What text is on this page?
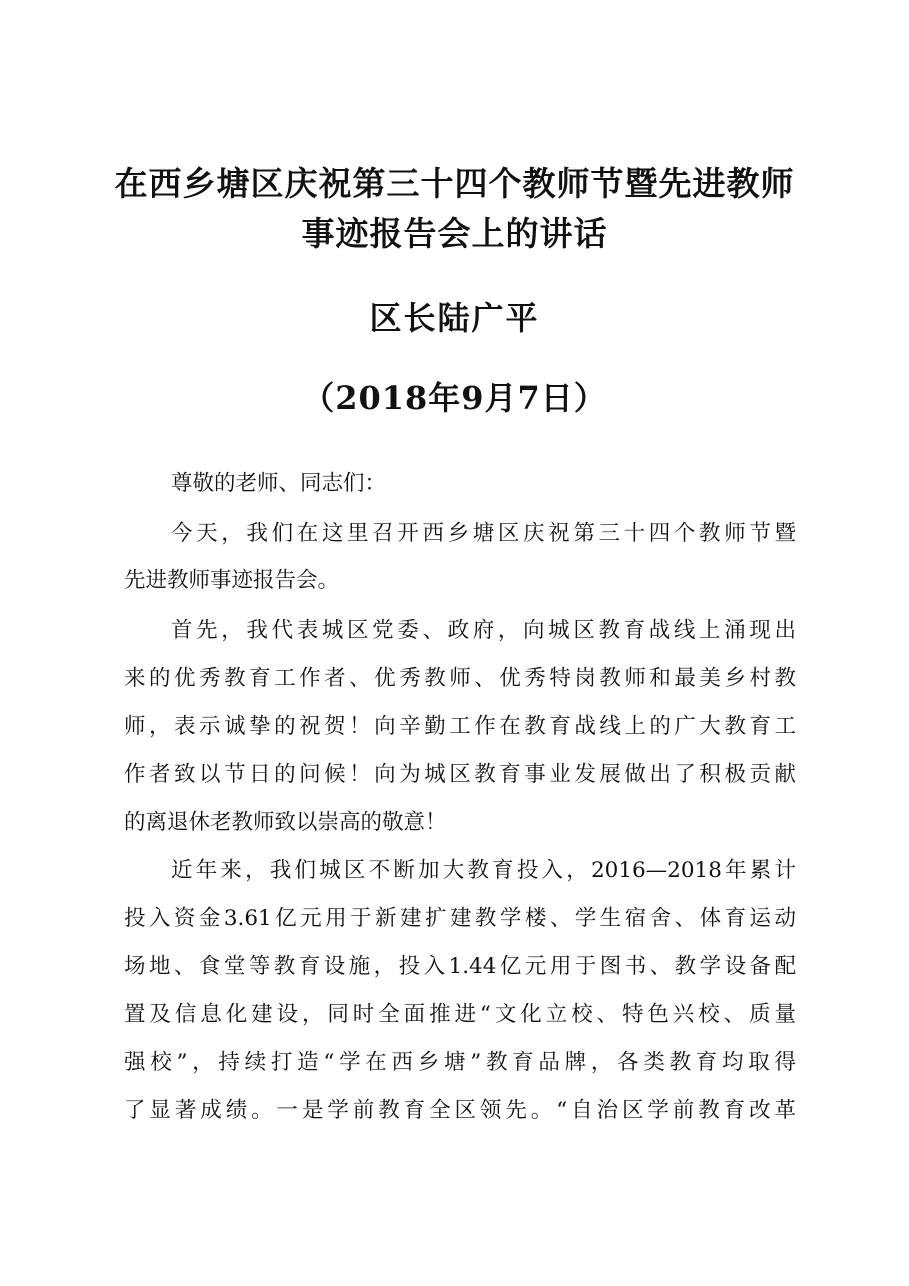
在西乡塘区庆祝第三十四个教师节暨先进教师
事迹报告会上的讲话
区长陆广平
（2018年9月7日）
尊敬的老师、同志们：
今天，我们在这里召开西乡塘区庆祝第三十四个教师节暨
先进教师事迹报告会。
首先，我代表城区党委、政府，向城区教育战线上涌现出
来的优秀教育工作者、优秀教师、优秀特岗教师和最美乡村教
师，表示诚挚的祝贺！向辛勤工作在教育战线上的广大教育工
作者致以节日的问候！向为城区教育事业发展做出了积极贡献
的离退休老教师致以崇高的敬意！
近年来，我们城区不断加大教育投入，2016—2018年累计
投入资金3.61亿元用于新建扩建教学楼、学生宿舍、体育运动
场地、食堂等教育设施，投入1.44亿元用于图书、教学设备配
置及信息化建设，同时全面推进“文化立校、特色兴校、质量
强校”，持续打造“学在西乡塘”教育品牌，各类教育均取得
了显著成绩。一是学前教育全区领先。“自治区学前教育改革
